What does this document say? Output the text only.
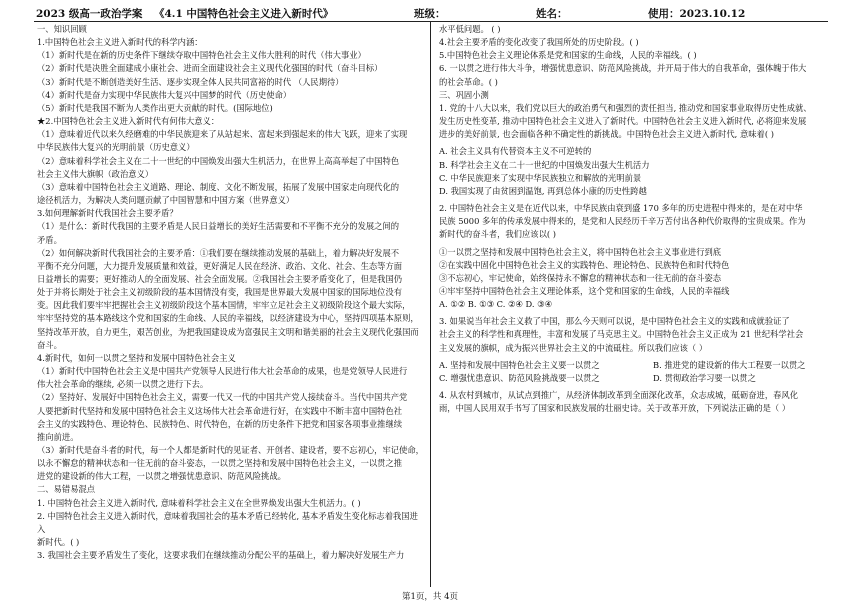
2023 级高一政治学案 《4.1 中国特色社会主义进入新时代》	班级：	姓名：	使用：2023.10.12

一、知识回顾

1.中国特色社会主义进入新时代的科学内涵：

（1）新时代是在新的历史条件下继续夺取中国特色社会主义伟大胜利的时代（伟大事业）

（2）新时代是决胜全面建成小康社会、进而全面建设社会主义现代化强国的时代（奋斗目标）

（3）新时代是不断创造美好生活、逐步实现全体人民共同富裕的时代 （人民期待）

（4）新时代是奋力实现中华民族伟大复兴中国梦的时代（历史使命）

（5）新时代是我国不断为人类作出更大贡献的时代。(国际地位)

★2.中国特色社会主义进入新时代有何伟大意义：

（1）意味着近代以来久经磨难的中华民族迎来了从站起来、富起来到强起来的伟大飞跃，迎来了实现

中华民族伟大复兴的光明前景（历史意义）

（2）意味着科学社会主义在二十一世纪的中国焕发出强大生机活力，在世界上高高举起了中国特色

社会主义伟大旗帜（政治意义）

（3）意味着中国特色社会主义道路、理论、制度、文化不断发展，拓展了发展中国家走向现代化的

途径机活力，为解决人类问题贡献了中国智慧和中国方案（世界意义）

3.如何理解新时代我国社会主要矛盾？

（1）是什么：新时代我国的主要矛盾是人民日益增长的美好生活需要和不平衡不充分的发展之间的

矛盾。

（2）如何解决新时代我国社会的主要矛盾：①我们要在继续推动发展的基础上，着力解决好发展不

平衡不充分问题，大力提升发展质量和效益，更好满足人民在经济、政治、文化、社会、生态等方面

日益增长的需要；更好推动人的全面发展、社会全面发展。②我国社会主要矛盾变化了，但是我国仍

处于并将长期处于社会主义初级阶段的基本国情没有变，我国是世界最大发展中国家的国际地位没有

变。因此我们要牢牢把握社会主义初级阶段这个基本国情，牢牢立足社会主义初级阶段这个最大实际，

牢牢坚持党的基本路线这个党和国家的生命线、人民的幸福线，以经济建设为中心，坚持四项基本原则，

坚持改革开放，自力更生，艰苦创业，为把我国建设成为富强民主文明和谐美丽的社会主义现代化强国而奋斗。

4.新时代，如何一以贯之坚持和发展中国特色社会主义

（1）新时代中国特色社会主义是中国共产党领导人民进行伟大社会革命的成果，也是党领导人民进行

伟大社会革命的继续, 必须一以贯之进行下去。

（2）坚持好、发展好中国特色社会主义，需要一代又一代的中国共产党人接续奋斗。当代中国共产党

人要把新时代坚持和发展中国特色社会主义这场伟大社会革命进行好，在实践中不断丰富中国特色社

会主义的实践特色、理论特色、民族特色、时代特色，在新的历史条件下把党和国家各项事业推继续

推向前进。

（3）新时代是奋斗者的时代，每一个人都是新时代的见证者、开创者、建设者，要不忘初心，牢记使命，

以永不懈怠的精神状态和一往无前的奋斗姿态，一以贯之坚持和发展中国特色社会主义，一以贯之推

进党的建设新的伟大工程，一以贯之增强忧患意识、防范风险挑战。

二、易错易混点

1. 中国特色社会主义进入新时代, 意味着科学社会主义在全世界焕发出强大生机活力。( )

2. 中国特色社会主义进入新时代，意味着我国社会的基本矛盾已经转化, 基本矛盾发生变化标志着我国进入

新时代。( )

3. 我国社会主要矛盾发生了变化，这要求我们在继续推动分配公平的基础上，着力解决好发展生产力

水平低问题。 ( )

4.社会主要矛盾的变化改变了我国所处的历史阶段。( )

5.中国特色社会主义理论体系是党和国家的生命线，人民的幸福线。( )

6. 一以贯之进行伟大斗争，增强忧患意识、防范风险挑战，并开局于伟大的自我革命，强体魄于伟大

的社会革命。( )

三、巩固小测

1. 党的十八大以来，我们党以巨大的政治勇气和强烈的责任担当, 推动党和国家事业取得历史性成就、

发生历史性变革, 推动中国特色社会主义进入了新时代。中国特色社会主义进入新时代, 必将迎来发展

进步的美好前景, 也会面临各种不确定性的新挑战。中国特色社会主义进入新时代, 意味着( )

A. 社会主义具有代替资本主义不可逆转的

B. 科学社会主义在二十一世纪的中国焕发出强大生机活力

C. 中华民族迎来了实现中华民族独立和解放的光明前景

D. 我国实现了由贫困到温饱, 再到总体小康的历史性跨越

2. 中国特色社会主义是在近代以来，中华民族由衰到盛 170 多年的历史进程中得来的，是在对中华

民族 5000 多年的传承发展中得来的，是党和人民经历千辛万苦付出各种代价取得的宝贵成果。作为

新时代的奋斗者，我们应该以( )

①一以贯之坚持和发展中国特色社会主义，将中国特色社会主义事业进行到底

②在实践中固化中国特色社会主义的实践特色、理论特色、民族特色和时代特色

③不忘初心，牢记使命，始终保持永不懈怠的精神状态和一往无前的奋斗姿态

④牢牢坚持中国特色社会主义理论体系，这个党和国家的生命线，人民的幸福线

A. ①② B. ①③ C. ②④ D. ③④

3. 如果说当年社会主义救了中国，那么今天则可以说，是中国特色社会主义的实践和成就验证了

社会主义的科学性和真理性，丰富和发展了马克思主义。中国特色社会主义正成为 21 世纪科学社会

主义发展的旗帜，成为振兴世界社会主义的中流砥柱。所以我们应该（ ）

A. 坚持和发展中国特色社会主义要一以贯之	B. 推进党的建设新的伟大工程要一以贯之
C. 增强忧患意识、防范风险挑战要一以贯之	D. 贯彻政治学习要一以贯之

4. 从农村到城市，从试点到推广，从经济体制改革到全面深化改革，众志成城，砥砺奋进，春风化

雨，中国人民用双手书写了国家和民族发展的壮丽史诗。关于改革开放，下列说法正确的是（ ）

第1页，共 4页
